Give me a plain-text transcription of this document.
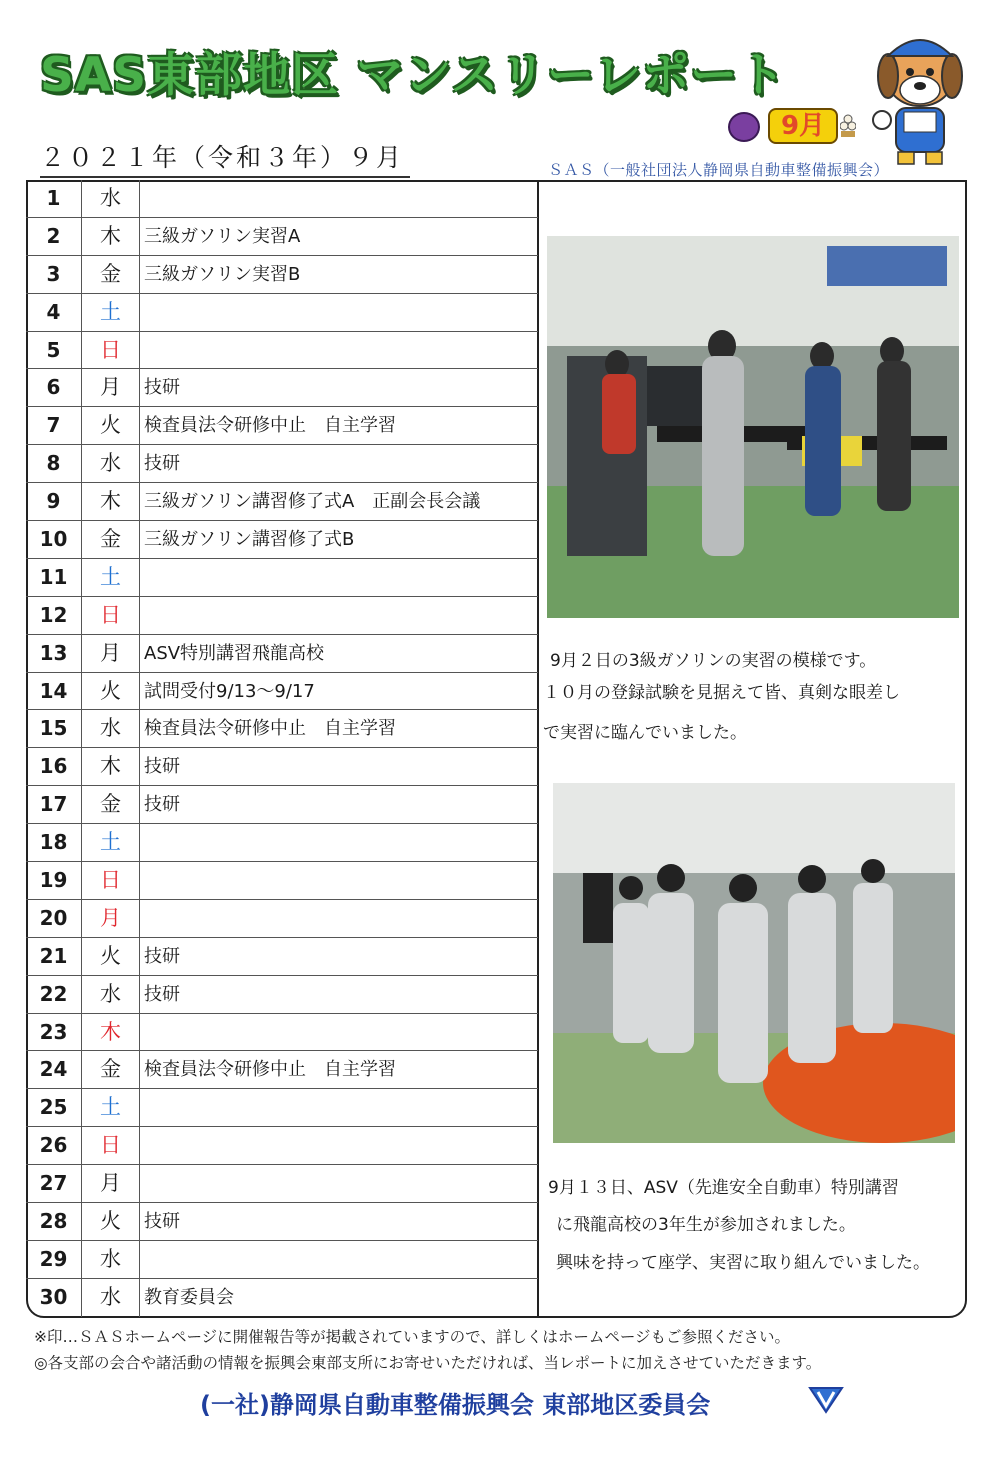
SAS東部地区 マンスリーレポート
9月
２０２１年（令和３年）９月	ＳＡＳ（一般社団法人静岡県自動車整備振興会）
1	水
2	木	三級ガソリン実習A
3	金	三級ガソリン実習B
4	土
5	日
6	月	技研
7	火	検査員法令研修中止　自主学習
8	水	技研
9	木	三級ガソリン講習修了式A　正副会長会議
10	金	三級ガソリン講習修了式B
11	土
12	日
13	月	ASV特別講習飛龍高校
14	火	試問受付9/13～9/17
15	水	検査員法令研修中止　自主学習
16	木	技研
17	金	技研
18	土
19	日
20	月
21	火	技研
22	水	技研
23	木
24	金	検査員法令研修中止　自主学習
25	土
26	日
27	月
28	火	技研
29	水
30	水	教育委員会
9月２日の3級ガソリンの実習の模様です。
１０月の登録試験を見据えて皆、真剣な眼差し
で実習に臨んでいました。
9月１３日、ASV（先進安全自動車）特別講習
に飛龍高校の3年生が参加されました。
興味を持って座学、実習に取り組んでいました。
※印…ＳＡＳホームページに開催報告等が掲載されていますので、詳しくはホームページもご参照ください。
◎各支部の会合や諸活動の情報を振興会東部支所にお寄せいただければ、当レポートに加えさせていただきます。
(一社)静岡県自動車整備振興会 東部地区委員会
